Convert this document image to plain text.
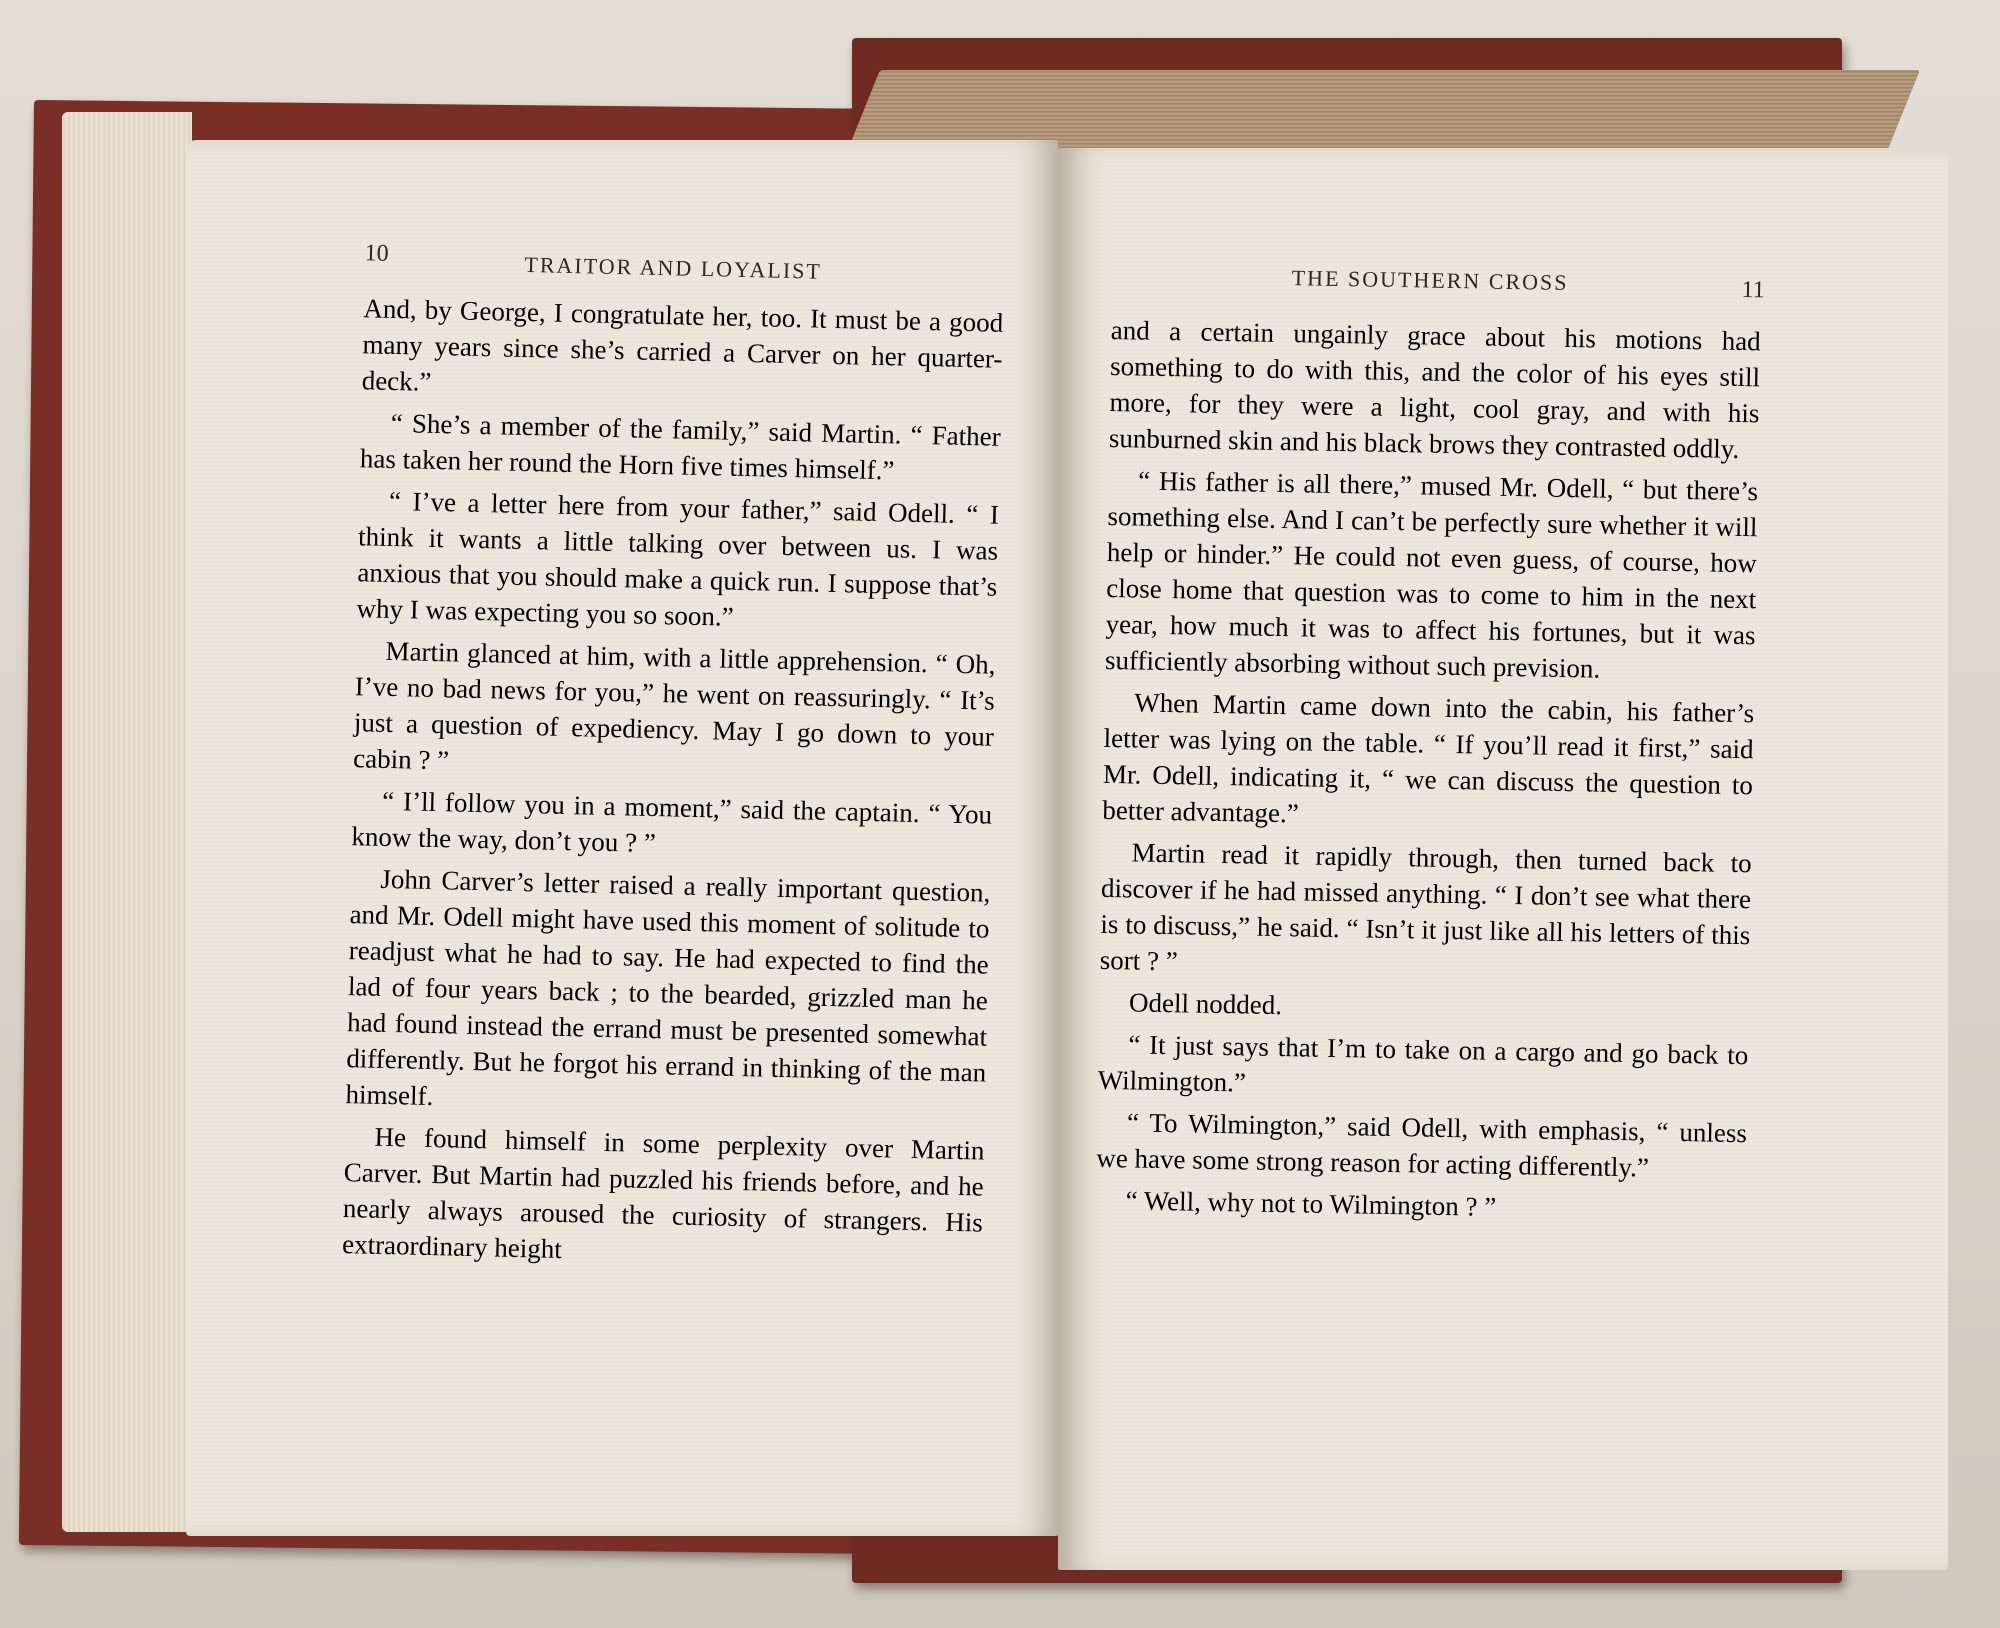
10	TRAITOR AND LOYALIST

And, by George, I congratulate her, too. It must be a good many years since she’s carried a Carver on her quarter-deck.”

“ She’s a member of the family,” said Martin. “ Father has taken her round the Horn five times himself.”

“ I’ve a letter here from your father,” said Odell. “ I think it wants a little talking over between us. I was anxious that you should make a quick run. I suppose that’s why I was expecting you so soon.”

Martin glanced at him, with a little apprehension. “ Oh, I’ve no bad news for you,” he went on reassuringly. “ It’s just a question of expediency. May I go down to your cabin ? ”

“ I’ll follow you in a moment,” said the captain. “ You know the way, don’t you ? ”

John Carver’s letter raised a really important question, and Mr. Odell might have used this moment of solitude to readjust what he had to say. He had expected to find the lad of four years back ; to the bearded, grizzled man he had found instead the errand must be presented somewhat differently. But he forgot his errand in thinking of the man himself.

He found himself in some perplexity over Martin Carver. But Martin had puzzled his friends before, and he nearly always aroused the curiosity of strangers. His extraordinary height

THE SOUTHERN CROSS	11

and a certain ungainly grace about his motions had something to do with this, and the color of his eyes still more, for they were a light, cool gray, and with his sunburned skin and his black brows they contrasted oddly.

“ His father is all there,” mused Mr. Odell, “ but there’s something else. And I can’t be perfectly sure whether it will help or hinder.” He could not even guess, of course, how close home that question was to come to him in the next year, how much it was to affect his fortunes, but it was sufficiently absorbing without such prevision.

When Martin came down into the cabin, his father’s letter was lying on the table. “ If you’ll read it first,” said Mr. Odell, indicating it, “ we can discuss the question to better advantage.”

Martin read it rapidly through, then turned back to discover if he had missed anything. “ I don’t see what there is to discuss,” he said. “ Isn’t it just like all his letters of this sort ? ”

Odell nodded.

“ It just says that I’m to take on a cargo and go back to Wilmington.”

“ To Wilmington,” said Odell, with emphasis, “ unless we have some strong reason for acting differently.”

“ Well, why not to Wilmington ? ”
